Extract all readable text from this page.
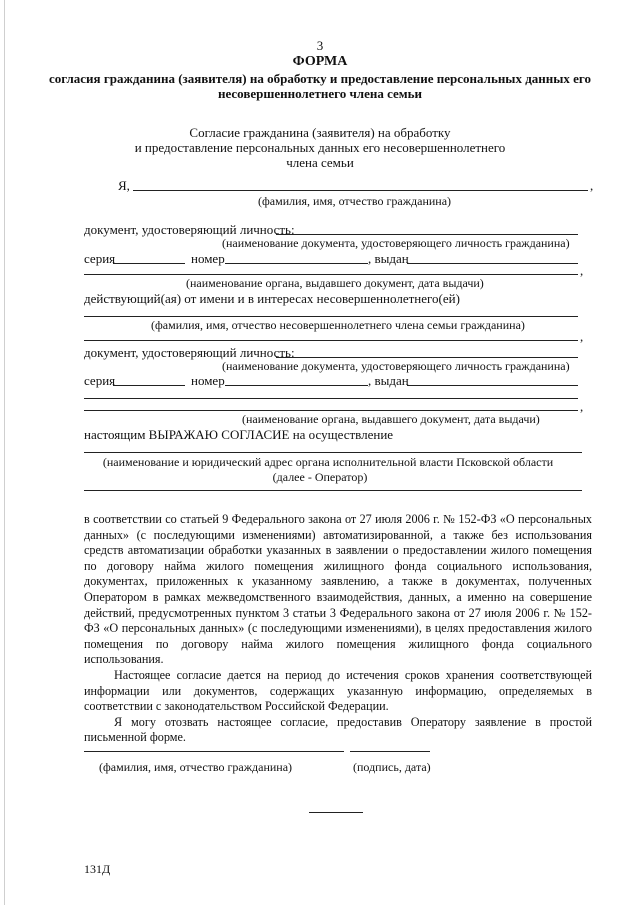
3
ФОРМА
согласия гражданина (заявителя) на обработку и предоставление персональных данных его
несовершеннолетнего члена семьи
Согласие гражданина (заявителя) на обработку
и предоставление персональных данных его несовершеннолетнего
члена семьи
Я,	,
(фамилия, имя, отчество гражданина)
документ, удостоверяющий личность:
(наименование документа, удостоверяющего личность гражданина)
серия	номер	, выдан
,
(наименование органа, выдавшего документ, дата выдачи)
действующий(ая) от имени и в интересах несовершеннолетнего(ей)
(фамилия, имя, отчество несовершеннолетнего члена семьи гражданина)
,
документ, удостоверяющий личность:
(наименование документа, удостоверяющего личность гражданина)
серия	номер	, выдан
,
(наименование органа, выдавшего документ, дата выдачи)
настоящим ВЫРАЖАЮ СОГЛАСИЕ на осуществление
(наименование и юридический адрес органа исполнительной власти Псковской области
(далее - Оператор)

в соответствии со статьей 9 Федерального закона от 27 июля 2006 г. № 152-ФЗ «О персональных данных» (с последующими изменениями) автоматизированной, а также без использования средств автоматизации обработки указанных в заявлении о предоставлении жилого помещения по договору найма жилого помещения жилищного фонда социального использования, документах, приложенных к указанному заявлению, а также в документах, полученных Оператором в рамках межведомственного взаимодействия, данных, а именно на совершение действий, предусмотренных пунктом 3 статьи 3 Федерального закона от 27 июля 2006 г. № 152-ФЗ «О персональных данных» (с последующими изменениями), в целях предоставления жилого помещения по договору найма жилого помещения жилищного фонда социального использования.

Настоящее согласие дается на период до истечения сроков хранения соответствующей информации или документов, содержащих указанную информацию, определяемых в соответствии с законодательством Российской Федерации.

Я могу отозвать настоящее согласие, предоставив Оператору заявление в простой письменной форме.

(фамилия, имя, отчество гражданина)	(подпись, дата)
131Д
